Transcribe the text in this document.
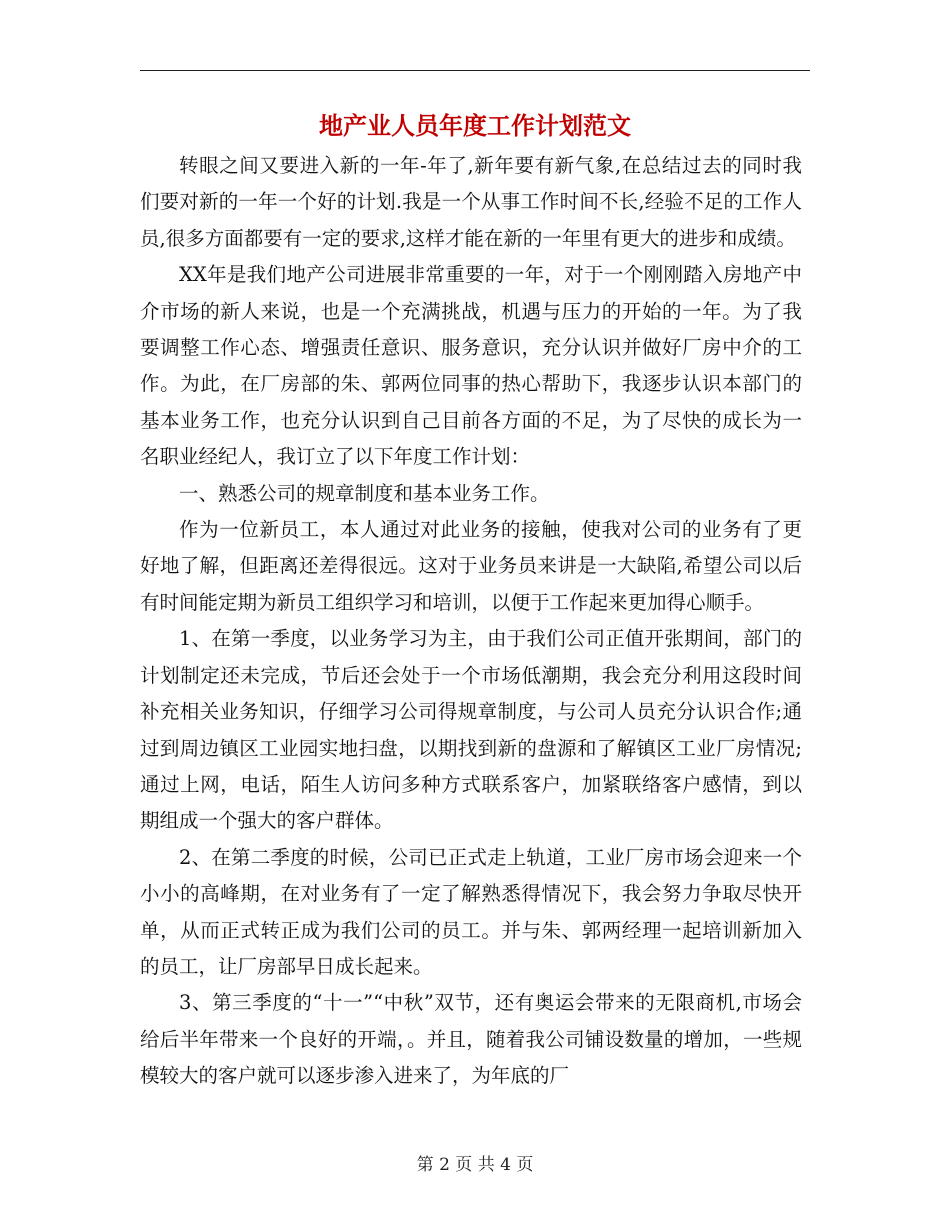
地产业人员年度工作计划范文

转眼之间又要进入新的一年-年了,新年要有新气象,在总结过去的同时我们要对新的一年一个好的计划.我是一个从事工作时间不长,经验不足的工作人员,很多方面都要有一定的要求,这样才能在新的一年里有更大的进步和成绩。

XX年是我们地产公司进展非常重要的一年，对于一个刚刚踏入房地产中介市场的新人来说，也是一个充满挑战，机遇与压力的开始的一年。为了我要调整工作心态、增强责任意识、服务意识，充分认识并做好厂房中介的工作。为此，在厂房部的朱、郭两位同事的热心帮助下，我逐步认识本部门的基本业务工作，也充分认识到自己目前各方面的不足，为了尽快的成长为一名职业经纪人，我订立了以下年度工作计划：

一、熟悉公司的规章制度和基本业务工作。

作为一位新员工，本人通过对此业务的接触，使我对公司的业务有了更好地了解，但距离还差得很远。这对于业务员来讲是一大缺陷,希望公司以后有时间能定期为新员工组织学习和培训，以便于工作起来更加得心顺手。

1、在第一季度，以业务学习为主，由于我们公司正值开张期间，部门的计划制定还未完成，节后还会处于一个市场低潮期，我会充分利用这段时间补充相关业务知识，仔细学习公司得规章制度，与公司人员充分认识合作;通过到周边镇区工业园实地扫盘，以期找到新的盘源和了解镇区工业厂房情况;通过上网，电话，陌生人访问多种方式联系客户，加紧联络客户感情，到以期组成一个强大的客户群体。

2、在第二季度的时候，公司已正式走上轨道，工业厂房市场会迎来一个小小的高峰期，在对业务有了一定了解熟悉得情况下，我会努力争取尽快开单，从而正式转正成为我们公司的员工。并与朱、郭两经理一起培训新加入的员工，让厂房部早日成长起来。

3、第三季度的“十一”“中秋”双节，还有奥运会带来的无限商机,市场会给后半年带来一个良好的开端，。并且，随着我公司铺设数量的增加，一些规模较大的客户就可以逐步渗入进来了，为年底的厂

第 2 页 共 4 页
